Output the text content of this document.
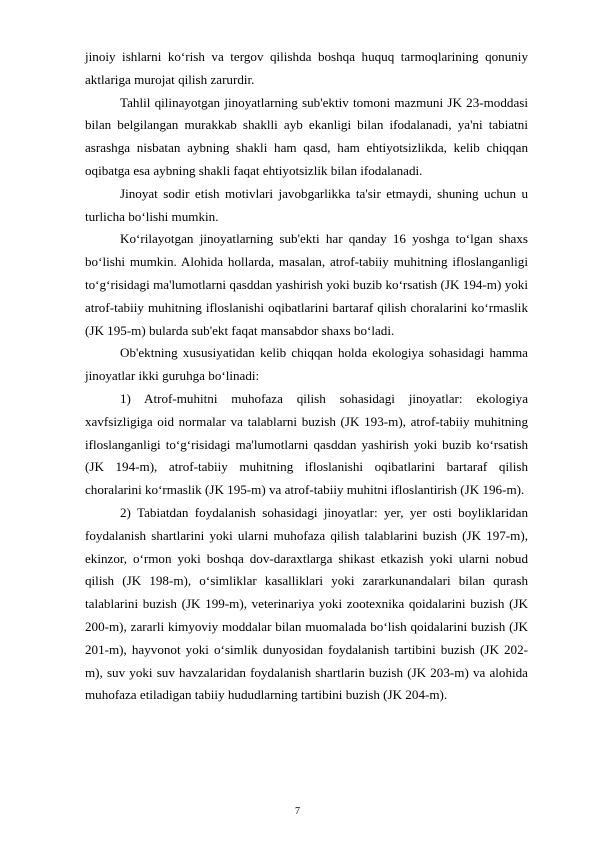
jinoiy ishlarni ko‘rish va tergov qilishda boshqa huquq tarmoqlarining qonuniy aktlariga murojat qilish zarurdir.

Tahlil qilinayotgan jinoyatlarning sub'ektiv tomoni mazmuni JK 23-moddasi bilan belgilangan murakkab shaklli ayb ekanligi bilan ifodalanadi, ya'ni tabiatni asrashga nisbatan aybning shakli ham qasd, ham ehtiyotsizlikda, kelib chiqqan oqibatga esa aybning shakli faqat ehtiyotsizlik bilan ifodalanadi.

Jinoyat sodir etish motivlari javobgarlikka ta'sir etmaydi, shuning uchun u turlicha bo‘lishi mumkin.

Ko‘rilayotgan jinoyatlarning sub'ekti har qanday 16 yoshga to‘lgan shaxs bo‘lishi mumkin. Alohida hollarda, masalan, atrof-tabiiy muhitning ifloslanganligi to‘g‘risidagi ma'lumotlarni qasddan yashirish yoki buzib ko‘rsatish (JK 194-m) yoki atrof-tabiiy muhitning ifloslanishi oqibatlarini bartaraf qilish choralarini ko‘rmaslik (JK 195-m) bularda sub'ekt faqat mansabdor shaxs bo‘ladi.

Ob'ektning xususiyatidan kelib chiqqan holda ekologiya sohasidagi hamma jinoyatlar ikki guruhga bo‘linadi:

1) Atrof-muhitni muhofaza qilish sohasidagi jinoyatlar: ekologiya xavfsizligiga oid normalar va talablarni buzish (JK 193-m), atrof-tabiiy muhitning ifloslanganligi to‘g‘risidagi ma'lumotlarni qasddan yashirish yoki buzib ko‘rsatish (JK 194-m), atrof-tabiiy muhitning ifloslanishi oqibatlarini bartaraf qilish choralarini ko‘rmaslik (JK 195-m) va atrof-tabiiy muhitni ifloslantirish (JK 196-m).

2) Tabiatdan foydalanish sohasidagi jinoyatlar: yer, yer osti boyliklaridan foydalanish shartlarini yoki ularni muhofaza qilish talablarini buzish (JK 197-m), ekinzor, o‘rmon yoki boshqa dov-daraxtlarga shikast etkazish yoki ularni nobud qilish (JK 198-m), o‘simliklar kasalliklari yoki zararkunandalari bilan qurash talablarini buzish (JK 199-m), veterinariya yoki zootexnika qoidalarini buzish (JK 200-m), zararli kimyoviy moddalar bilan muomalada bo‘lish qoidalarini buzish (JK 201-m), hayvonot yoki o‘simlik dunyosidan foydalanish tartibini buzish (JK 202-m), suv yoki suv havzalaridan foydalanish shartlarin buzish (JK 203-m) va alohida muhofaza etiladigan tabiiy hududlarning tartibini buzish (JK 204-m).

7
